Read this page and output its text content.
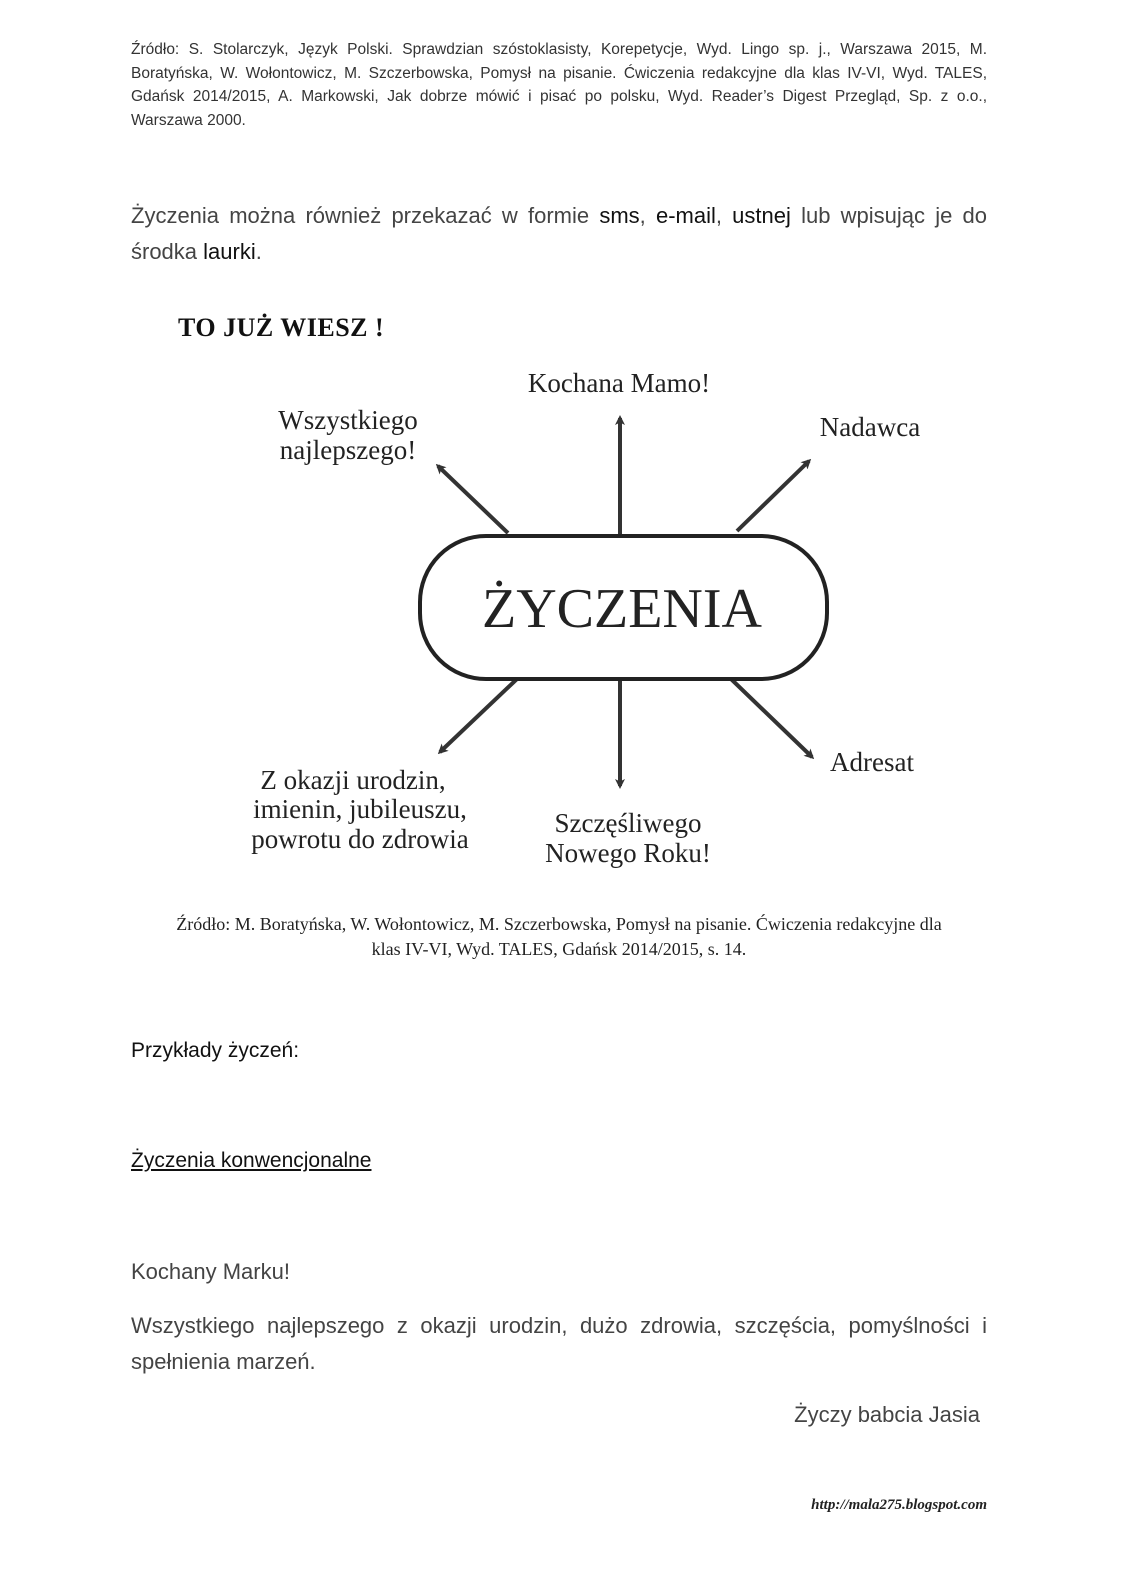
Źródło: S. Stolarczyk, Język Polski. Sprawdzian szóstoklasisty, Korepetycje, Wyd. Lingo sp. j., Warszawa 2015, M. Boratyńska, W. Wołontowicz, M. Szczerbowska, Pomysł na pisanie. Ćwiczenia redakcyjne dla klas IV-VI, Wyd. TALES, Gdańsk 2014/2015, A. Markowski, Jak dobrze mówić i pisać po polsku, Wyd. Reader’s Digest Przegląd, Sp. z o.o., Warszawa 2000.
Życzenia można również przekazać w formie sms, e-mail, ustnej lub wpisując je do środka laurki.
TO JUŻ WIESZ !
ŻYCZENIA
Kochana Mamo!
Wszystkiego
najlepszego!
Nadawca
Adresat
Szczęśliwego
Nowego Roku!
Z okazji urodzin,
imienin, jubileuszu,
powrotu do zdrowia
Źródło: M. Boratyńska, W. Wołontowicz, M. Szczerbowska, Pomysł na pisanie. Ćwiczenia redakcyjne dla
klas IV-VI, Wyd. TALES, Gdańsk 2014/2015, s. 14.
Przykłady życzeń:
Życzenia konwencjonalne
Kochany Marku!
Wszystkiego najlepszego z okazji urodzin, dużo zdrowia, szczęścia, pomyślności i spełnienia marzeń.
Życzy babcia Jasia
http://mala275.blogspot.com
